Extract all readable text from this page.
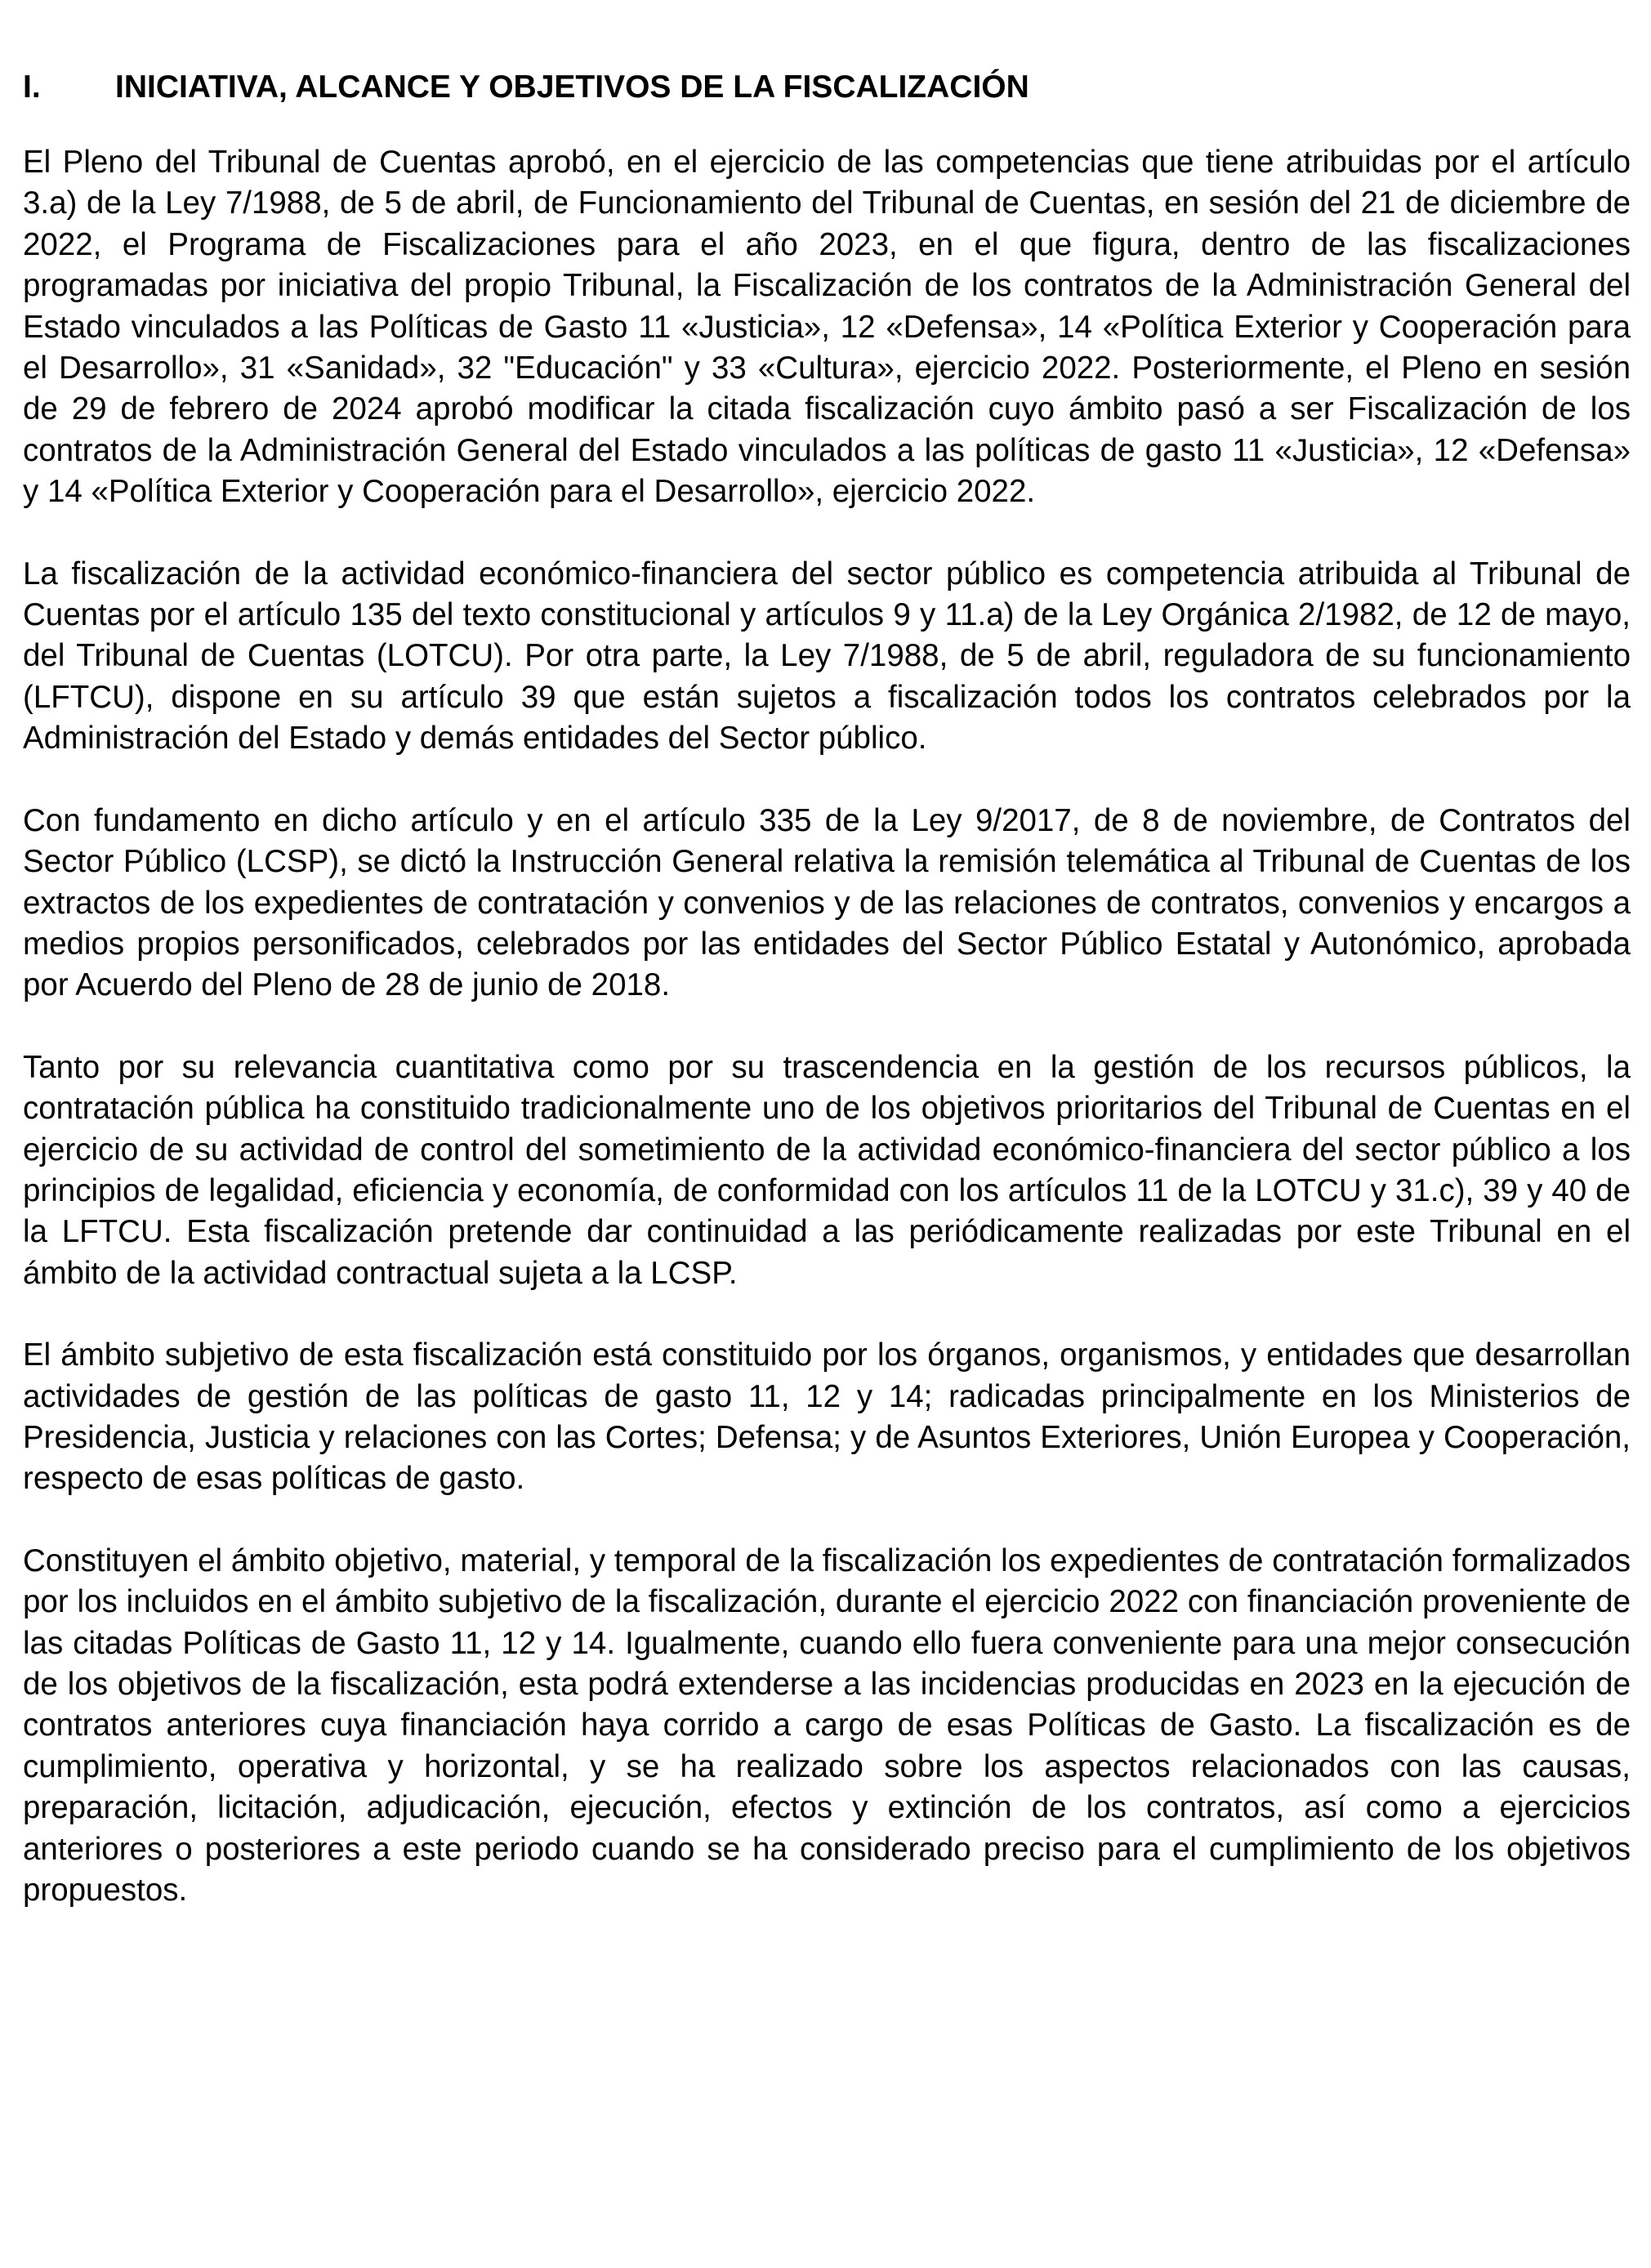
I.	INICIATIVA, ALCANCE Y OBJETIVOS DE LA FISCALIZACIÓN

El Pleno del Tribunal de Cuentas aprobó, en el ejercicio de las competencias que tiene atribuidas por el artículo 3.a) de la Ley 7/1988, de 5 de abril, de Funcionamiento del Tribunal de Cuentas, en sesión del 21 de diciembre de 2022, el Programa de Fiscalizaciones para el año 2023, en el que figura, dentro de las fiscalizaciones programadas por iniciativa del propio Tribunal, la Fiscalización de los contratos de la Administración General del Estado vinculados a las Políticas de Gasto 11 «Justicia», 12 «Defensa», 14 «Política Exterior y Cooperación para el Desarrollo», 31 «Sanidad», 32 "Educación" y 33 «Cultura», ejercicio 2022. Posteriormente, el Pleno en sesión de 29 de febrero de 2024 aprobó modificar la citada fiscalización cuyo ámbito pasó a ser Fiscalización de los contratos de la Administración General del Estado vinculados a las políticas de gasto 11 «Justicia», 12 «Defensa» y 14 «Política Exterior y Cooperación para el Desarrollo», ejercicio 2022.

La fiscalización de la actividad económico-financiera del sector público es competencia atribuida al Tribunal de Cuentas por el artículo 135 del texto constitucional y artículos 9 y 11.a) de la Ley Orgánica 2/1982, de 12 de mayo, del Tribunal de Cuentas (LOTCU). Por otra parte, la Ley 7/1988, de 5 de abril, reguladora de su funcionamiento (LFTCU), dispone en su artículo 39 que están sujetos a fiscalización todos los contratos celebrados por la Administración del Estado y demás entidades del Sector público.

Con fundamento en dicho artículo y en el artículo 335 de la Ley 9/2017, de 8 de noviembre, de Contratos del Sector Público (LCSP), se dictó la Instrucción General relativa la remisión telemática al Tribunal de Cuentas de los extractos de los expedientes de contratación y convenios y de las relaciones de contratos, convenios y encargos a medios propios personificados, celebrados por las entidades del Sector Público Estatal y Autonómico, aprobada por Acuerdo del Pleno de 28 de junio de 2018.

Tanto por su relevancia cuantitativa como por su trascendencia en la gestión de los recursos públicos, la contratación pública ha constituido tradicionalmente uno de los objetivos prioritarios del Tribunal de Cuentas en el ejercicio de su actividad de control del sometimiento de la actividad económico-financiera del sector público a los principios de legalidad, eficiencia y economía, de conformidad con los artículos 11 de la LOTCU y 31.c), 39 y 40 de la LFTCU. Esta fiscalización pretende dar continuidad a las periódicamente realizadas por este Tribunal en el ámbito de la actividad contractual sujeta a la LCSP.

El ámbito subjetivo de esta fiscalización está constituido por los órganos, organismos, y entidades que desarrollan actividades de gestión de las políticas de gasto 11, 12 y 14; radicadas principalmente en los Ministerios de Presidencia, Justicia y relaciones con las Cortes; Defensa; y de Asuntos Exteriores, Unión Europea y Cooperación, respecto de esas políticas de gasto.

Constituyen el ámbito objetivo, material, y temporal de la fiscalización los expedientes de contratación formalizados por los incluidos en el ámbito subjetivo de la fiscalización, durante el ejercicio 2022 con financiación proveniente de las citadas Políticas de Gasto 11, 12 y 14. Igualmente, cuando ello fuera conveniente para una mejor consecución de los objetivos de la fiscalización, esta podrá extenderse a las incidencias producidas en 2023 en la ejecución de contratos anteriores cuya financiación haya corrido a cargo de esas Políticas de Gasto. La fiscalización es de cumplimiento, operativa y horizontal, y se ha realizado sobre los aspectos relacionados con las causas, preparación, licitación, adjudicación, ejecución, efectos y extinción de los contratos, así como a ejercicios anteriores o posteriores a este periodo cuando se ha considerado preciso para el cumplimiento de los objetivos propuestos.
